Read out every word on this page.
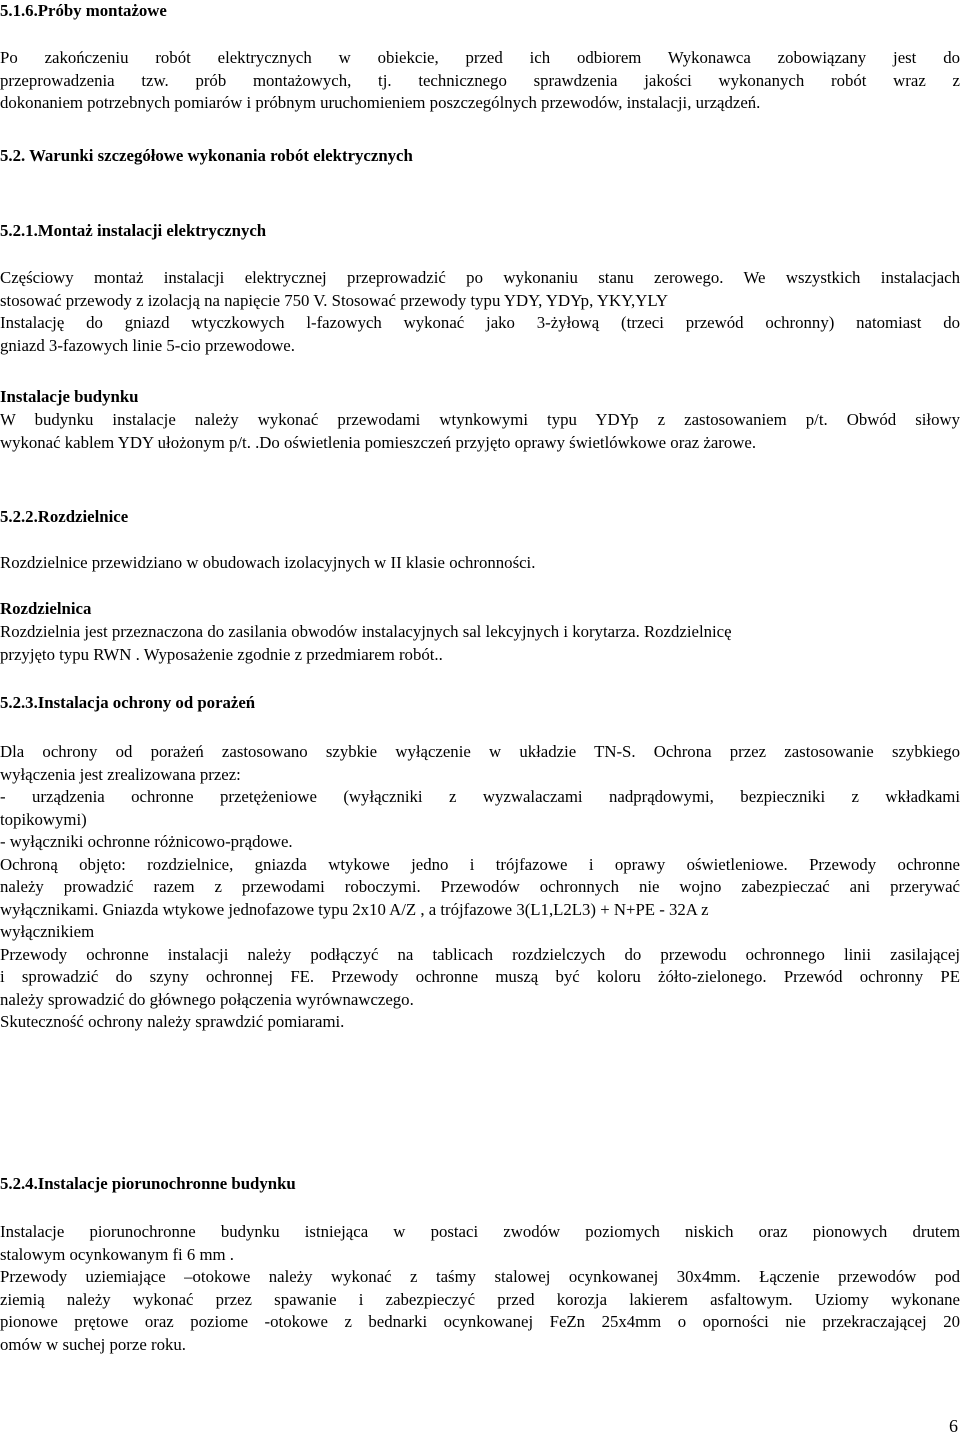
5.1.6.Próby montażowe
Po zakończeniu robót elektrycznych w obiekcie, przed ich odbiorem Wykonawca zobowiązany jest do
przeprowadzenia tzw. prób montażowych, tj. technicznego sprawdzenia jakości wykonanych robót wraz z
dokonaniem potrzebnych pomiarów i próbnym uruchomieniem poszczególnych przewodów, instalacji, urządzeń.
5.2. Warunki szczegółowe wykonania robót elektrycznych
5.2.1.Montaż instalacji elektrycznych
Częściowy montaż instalacji elektrycznej przeprowadzić po wykonaniu stanu zerowego. We wszystkich instalacjach
stosować przewody z izolacją na napięcie 750 V. Stosować przewody typu YDY, YDYp, YKY,YLY
Instalację do gniazd wtyczkowych l-fazowych wykonać jako 3-żyłową (trzeci przewód ochronny) natomiast do
gniazd 3-fazowych linie 5-cio przewodowe.
Instalacje budynku
W budynku instalacje należy wykonać przewodami wtynkowymi typu YDYp z zastosowaniem p/t. Obwód siłowy
wykonać kablem YDY ułożonym p/t. .Do oświetlenia pomieszczeń przyjęto oprawy świetlówkowe oraz żarowe.
5.2.2.Rozdzielnice
Rozdzielnice przewidziano w obudowach izolacyjnych w II klasie ochronności.
Rozdzielnica
Rozdzielnia jest przeznaczona do zasilania obwodów instalacyjnych sal lekcyjnych i korytarza. Rozdzielnicę
przyjęto typu RWN . Wyposażenie zgodnie z przedmiarem robót..
5.2.3.Instalacja ochrony od porażeń
Dla ochrony od porażeń zastosowano szybkie wyłączenie w układzie TN-S. Ochrona przez zastosowanie szybkiego
wyłączenia jest zrealizowana przez:
- urządzenia ochronne przetężeniowe (wyłączniki z wyzwalaczami nadprądowymi, bezpieczniki z wkładkami
topikowymi)
- wyłączniki ochronne różnicowo-prądowe.
Ochroną objęto: rozdzielnice, gniazda wtykowe jedno i trójfazowe i oprawy oświetleniowe. Przewody ochronne
należy prowadzić razem z przewodami roboczymi. Przewodów ochronnych nie wojno zabezpieczać ani przerywać
wyłącznikami. Gniazda wtykowe jednofazowe typu 2x10 A/Z , a trójfazowe 3(L1,L2L3) + N+PE - 32A z
wyłącznikiem
Przewody ochronne instalacji należy podłączyć na tablicach rozdzielczych do przewodu ochronnego linii zasilającej
i sprowadzić do szyny ochronnej FE. Przewody ochronne muszą być koloru żółto-zielonego. Przewód ochronny PE
należy sprowadzić do głównego połączenia wyrównawczego.
Skuteczność ochrony należy sprawdzić pomiarami.
5.2.4.Instalacje piorunochronne budynku
Instalacje piorunochronne budynku istniejąca w postaci zwodów poziomych niskich oraz pionowych drutem
stalowym ocynkowanym fi 6 mm .
Przewody uziemiające –otokowe należy wykonać z taśmy stalowej ocynkowanej 30x4mm. Łączenie przewodów pod
ziemią należy wykonać przez spawanie i zabezpieczyć przed korozja lakierem asfaltowym. Uziomy wykonane
pionowe prętowe oraz poziome -otokowe z bednarki ocynkowanej FeZn 25x4mm o oporności nie przekraczającej 20
omów w suchej porze roku.
6
